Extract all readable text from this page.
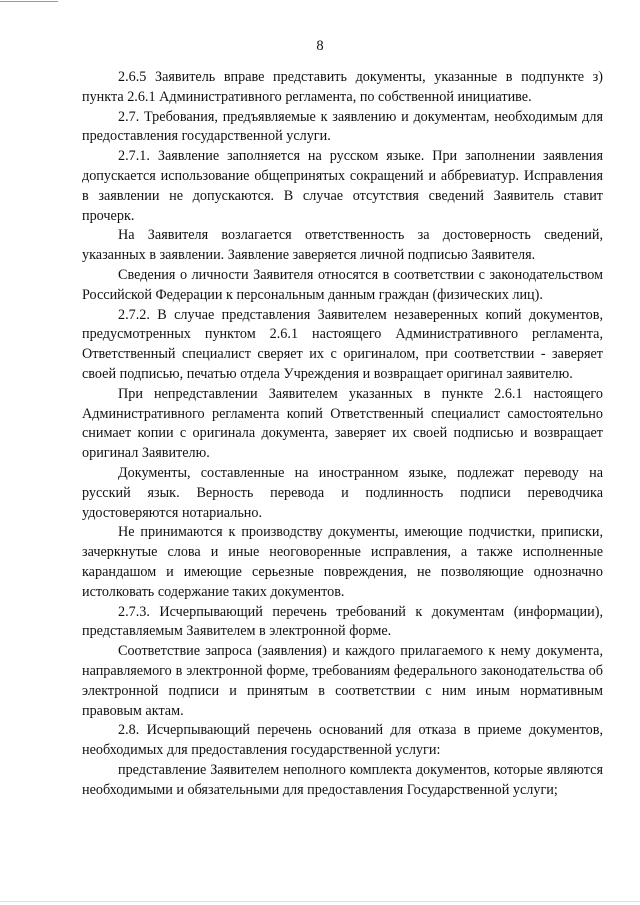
8

2.6.5 Заявитель вправе представить документы, указанные в подпункте з) пункта 2.6.1 Административного регламента, по собственной инициативе.

2.7. Требования, предъявляемые к заявлению и документам, необходимым для предоставления государственной услуги.

2.7.1. Заявление заполняется на русском языке. При заполнении заявления допускается использование общепринятых сокращений и аббревиатур. Исправления в заявлении не допускаются. В случае отсутствия сведений Заявитель ставит прочерк.

На Заявителя возлагается ответственность за достоверность сведений, указанных в заявлении. Заявление заверяется личной подписью Заявителя.

Сведения о личности Заявителя относятся в соответствии с законодательством Российской Федерации к персональным данным граждан (физических лиц).

2.7.2. В случае представления Заявителем незаверенных копий документов, предусмотренных пунктом 2.6.1 настоящего Административного регламента, Ответственный специалист сверяет их с оригиналом, при соответствии - заверяет своей подписью, печатью отдела Учреждения и возвращает оригинал заявителю.

При непредставлении Заявителем указанных в пункте 2.6.1 настоящего Административного регламента копий Ответственный специалист самостоятельно снимает копии с оригинала документа, заверяет их своей подписью и возвращает оригинал Заявителю.

Документы, составленные на иностранном языке, подлежат переводу на русский язык. Верность перевода и подлинность подписи переводчика удостоверяются нотариально.

Не принимаются к производству документы, имеющие подчистки, приписки, зачеркнутые слова и иные неоговоренные исправления, а также исполненные карандашом и имеющие серьезные повреждения, не позволяющие однозначно истолковать содержание таких документов.

2.7.3. Исчерпывающий перечень требований к документам (информации), представляемым Заявителем в электронной форме.

Соответствие запроса (заявления) и каждого прилагаемого к нему документа, направляемого в электронной форме, требованиям федерального законодательства об электронной подписи и принятым в соответствии с ним иным нормативным правовым актам.

2.8. Исчерпывающий перечень оснований для отказа в приеме документов, необходимых для предоставления государственной услуги:

представление Заявителем неполного комплекта документов, которые являются необходимыми и обязательными для предоставления Государственной услуги;
